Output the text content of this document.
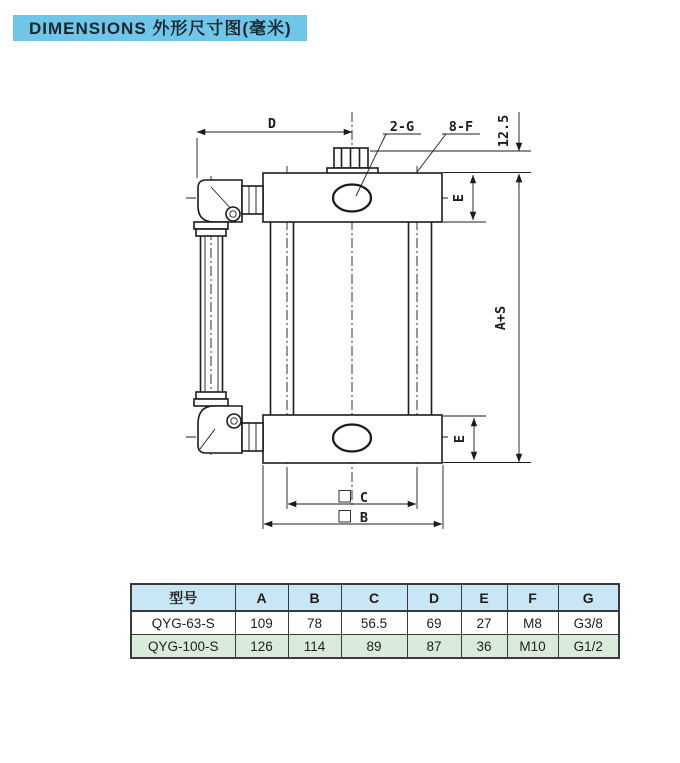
DIMENSIONS 外形尺寸图(毫米)
D	2-G	8-F 12.5
E
A+S
E
C
B
型号	A	B	C	D	E	F	G
QYG-63-S	109	78	56.5	69	27	M8	G3/8
QYG-100-S	126	114	89	87	36	M10	G1/2
